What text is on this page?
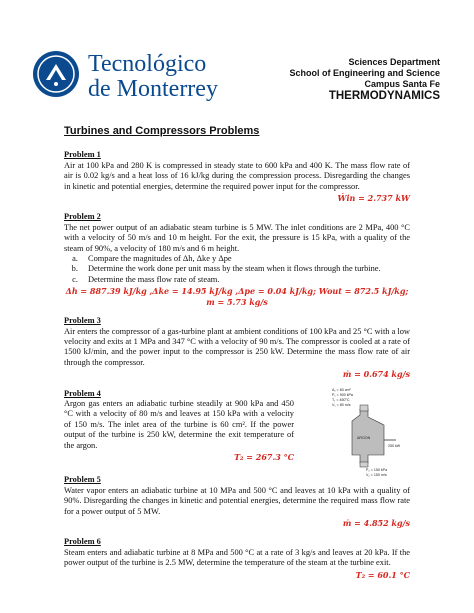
Tecnológico
de Monterrey
Sciences Department
School of Engineering and Science
Campus Santa Fe
THERMODYNAMICS
Turbines and Compressors Problems
Problem 1
Air at 100 kPa and 280 K is compressed in steady state to 600 kPa and 400 K. The mass flow rate of air is 0.02 kg/s and a heat loss of 16 kJ/kg during the compression process. Disregarding the changes in kinetic and potential energies, determine the required power input for the compressor.
Ẇin = 2.737 kW
Problem 2
The net power output of an adiabatic steam turbine is 5 MW. The inlet conditions are 2 MPa, 400 °C with a velocity of 50 m/s and 10 m height. For the exit, the pressure is 15 kPa, with a quality of the steam of 90%, a velocity of 180 m/s and 6 m height.
a. Compare the magnitudes of Δh, Δke y Δpe
b. Determine the work done per unit mass by the steam when it flows through the turbine.
c. Determine the mass flow rate of steam.
Δh = 887.39 kJ/kg ,Δke = 14.95 kJ/kg ,Δpe = 0.04 kJ/kg; Wout = 872.5 kJ/kg; m = 5.73 kg/s
Problem 3
Air enters the compressor of a gas-turbine plant at ambient conditions of 100 kPa and 25 °C with a low velocity and exits at 1 MPa and 347 °C with a velocity of 90 m/s. The compressor is cooled at a rate of 1500 kJ/min, and the power input to the compressor is 250 kW. Determine the mass flow rate of air through the compressor.
ṁ = 0.674 kg/s
Problem 4
Argon gas enters an adiabatic turbine steadily at 900 kPa and 450 °C with a velocity of 80 m/s and leaves at 150 kPa with a velocity of 150 m/s. The inlet area of the turbine is 60 cm². If the power output of the turbine is 250 kW, determine the exit temperature of the argon.
T₂ = 267.3 °C
A₁ = 60 cm²
P₁ = 900 kPa
T₁ = 450°C
V₁ = 80 m/s
ARGON
250 kW
P₂ = 150 kPa
V₂ = 150 m/s
Problem 5
Water vapor enters an adiabatic turbine at 10 MPa and 500 °C and leaves at 10 kPa with a quality of 90%. Disregarding the changes in kinetic and potential energies, determine the required mass flow rate for a power output of 5 MW.
ṁ = 4.852 kg/s
Problem 6
Steam enters and adiabatic turbine at 8 MPa and 500 °C at a rate of 3 kg/s and leaves at 20 kPa. If the power output of the turbine is 2.5 MW, determine the temperature of the steam at the turbine exit.
T₂ = 60.1 °C
